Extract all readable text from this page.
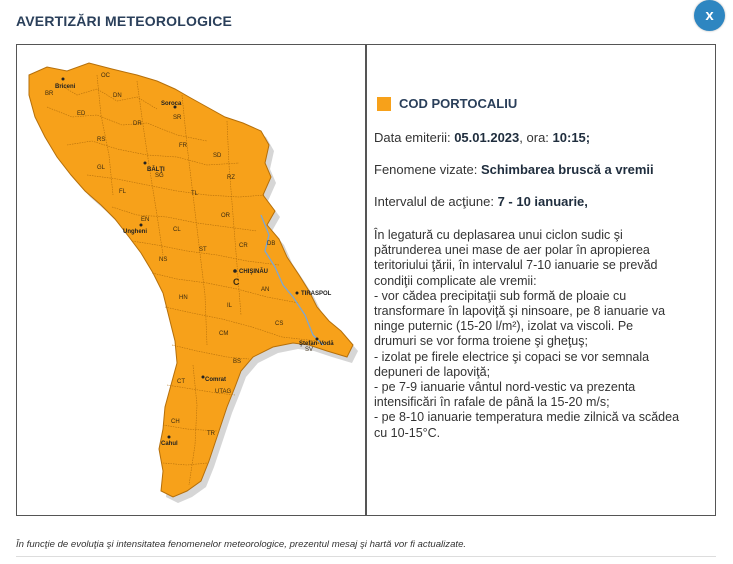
AVERTIZĂRI METEOROLOGICE	x
OC
BR	DN
ED
DR
SR
RS
FR
GL
SD
SG	RZ
FL	TL
EN
OR
CL
CR	DB
NS
ST
AN
HN
IL
CS
CM
SV
BS
CT
UTAG
CH
TR
C
Briceni
Soroca
BĂLŢI
Ungheni
CHIŞINĂU
TIRASPOL
Ştefan-Vodă
Comrat
Cahul
COD PORTOCALIU
Data emiterii: 05.01.2023, ora: 10:15;
Fenomene vizate: Schimbarea bruscă a vremii
Intervalul de acţiune: 7 - 10 ianuarie,
În legatură cu deplasarea unui ciclon sudic şi
pătrunderea unei mase de aer polar în apropierea
teritoriului ţării, în intervalul 7-10 ianuarie se prevăd
condiţii complicate ale vremii:
- vor cădea precipitaţii sub formă de ploaie cu
transformare în lapoviţă şi ninsoare, pe 8 ianuarie va
ninge puternic (15-20 l/m²), izolat va viscoli. Pe
drumuri se vor forma troiene şi gheţuş;
- izolat pe firele electrice şi copaci se vor semnala
depuneri de lapoviţă;
- pe 7-9 ianuarie vântul nord-vestic va prezenta
intensificări în rafale de până la 15-20 m/s;
- pe 8-10 ianuarie temperatura medie zilnică va scădea
cu 10-15°C.
În funcţie de evoluţia şi intensitatea fenomenelor meteorologice, prezentul mesaj şi hartă vor fi actualizate.
